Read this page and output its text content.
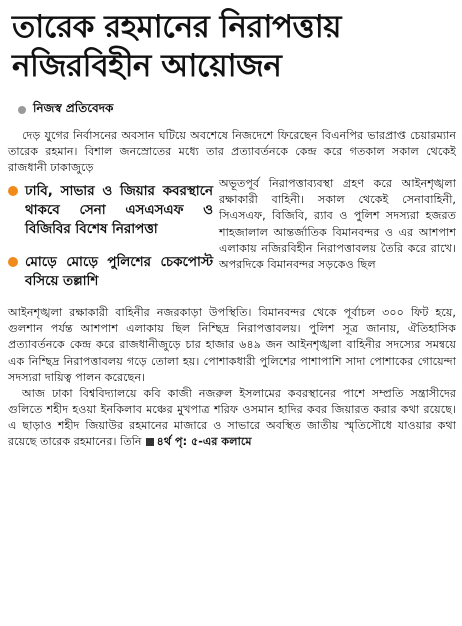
তারেক রহমানের নিরাপত্তায়
নজিরবিহীন আয়োজন
নিজস্ব প্রতিবেদক

দেড় যুগের নির্বাসনের অবসান ঘটিয়ে অবশেষে নিজদেশে ফিরেছেন বিএনপির ভারপ্রাপ্ত চেয়ারম্যান তারেক রহমান। বিশাল জনস্রোতের মধ্যে তার প্রত্যাবর্তনকে কেন্দ্র করে গতকাল সকাল থেকেই রাজধানী ঢাকাজুড়ে

ঢাবি, সাভার ও জিয়ার কবরস্থানে থাকবে সেনা এসএসএফ ও বিজিবির বিশেষ নিরাপত্তা
মোড়ে মোড়ে পুলিশের চেকপোস্ট বসিয়ে তল্লাশি
অভূতপূর্ব নিরাপত্তাব্যবস্থা গ্রহণ করে আইনশৃঙ্খলা রক্ষাকারী বাহিনী। সকাল থেকেই সেনাবাহিনী, সিএসএফ, বিজিবি, র‍্যাব ও পুলিশ সদস্যরা হজরত শাহজালাল আন্তর্জাতিক বিমানবন্দর ও এর আশপাশ এলাকায় নজিরবিহীন নিরাপত্তাবলয় তৈরি করে রাখে। অপরদিকে বিমানবন্দর সড়কেও ছিল

আইনশৃঙ্খলা রক্ষাকারী বাহিনীর নজরকাড়া উপস্থিতি। বিমানবন্দর থেকে পূর্বাচল ৩০০ ফিট হয়ে, গুলশান পর্যন্ত আশপাশ এলাকায় ছিল নিশ্ছিদ্র নিরাপত্তাবলয়। পুলিশ সূত্র জানায়, ঐতিহাসিক প্রত্যাবর্তনকে কেন্দ্র করে রাজধানীজুড়ে চার হাজার ৬৪৯ জন আইনশৃঙ্খলা বাহিনীর সদস্যের সমন্বয়ে এক নিশ্ছিদ্র নিরাপত্তাবলয় গড়ে তোলা হয়। পোশাকধারী পুলিশের পাশাপাশি সাদা পোশাকের গোয়েন্দা সদস্যরা দায়িত্ব পালন করেছেন।

আজ ঢাকা বিশ্ববিদ্যালয়ে কবি কাজী নজরুল ইসলামের কবরস্থানের পাশে সম্প্রতি সন্ত্রাসীদের গুলিতে শহীদ হওয়া ইনকিলাব মঞ্চের মুখপাত্র শরিফ ওসমান হাদির কবর জিয়ারত করার কথা রয়েছে। এ ছাড়াও শহীদ জিয়াউর রহমানের মাজারে ও সাভারে অবস্থিত জাতীয় স্মৃতিসৌধে যাওয়ার কথা রয়েছে তারেক রহমানের। তিনি ৪র্থ পৃ: ৫-এর কলামে
